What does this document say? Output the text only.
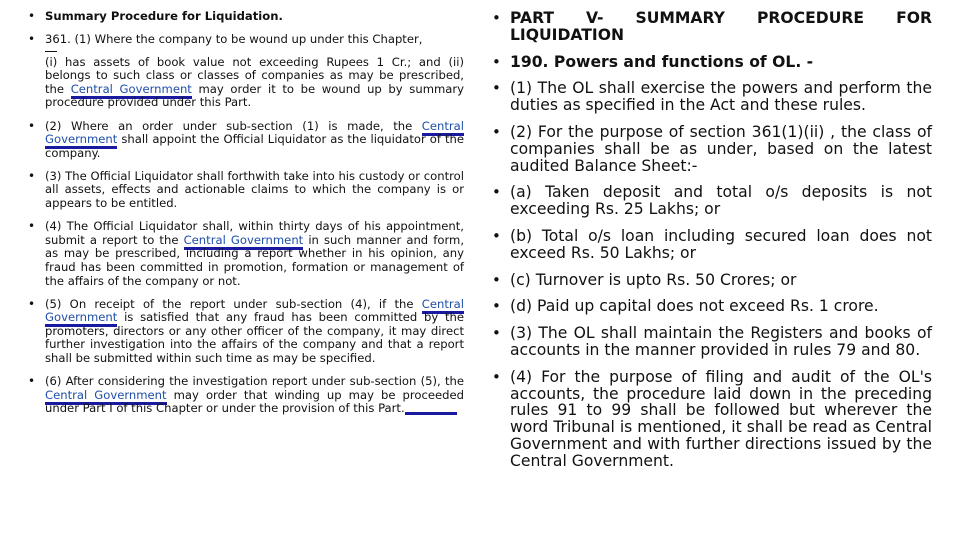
• Summary Procedure for Liquidation.
• 361. (1) Where the company to be wound up under this Chapter,
(i) has assets of book value not exceeding Rupees 1 Cr.; and (ii) belongs to such class or classes of companies as may be prescribed, the Central Government may order it to be wound up by summary procedure provided under this Part.
• (2) Where an order under sub-section (1) is made, the Central Government shall appoint the Official Liquidator as the liquidator of the company.
• (3) The Official Liquidator shall forthwith take into his custody or control all assets, effects and actionable claims to which the company is or appears to be entitled.
• (4) The Official Liquidator shall, within thirty days of his appointment, submit a report to the Central Government in such manner and form, as may be prescribed, including a report whether in his opinion, any fraud has been committed in promotion, formation or management of the affairs of the company or not.
• (5) On receipt of the report under sub-section (4), if the Central Government is satisfied that any fraud has been committed by the promoters, directors or any other officer of the company, it may direct further investigation into the affairs of the company and that a report shall be submitted within such time as may be specified.
• (6) After considering the investigation report under sub-section (5), the Central Government may order that winding up may be proceeded under Part I of this Chapter or under the provision of this Part.
• PART V- SUMMARY PROCEDURE FOR LIQUIDATION
• 190. Powers and functions of OL. -
• (1) The OL shall exercise the powers and perform the duties as specified in the Act and these rules.
• (2) For the purpose of section 361(1)(ii) , the class of companies shall be as under, based on the latest audited Balance Sheet:-
• (a) Taken deposit and total o/s deposits is not exceeding Rs. 25 Lakhs; or
• (b) Total o/s loan including secured loan does not exceed Rs. 50 Lakhs; or
• (c) Turnover is upto Rs. 50 Crores; or
• (d) Paid up capital does not exceed Rs. 1 crore.
• (3) The OL shall maintain the Registers and books of accounts in the manner provided in rules 79 and 80.
• (4) For the purpose of filing and audit of the OL's accounts, the procedure laid down in the preceding rules 91 to 99 shall be followed but wherever the word Tribunal is mentioned, it shall be read as Central Government and with further directions issued by the Central Government.
